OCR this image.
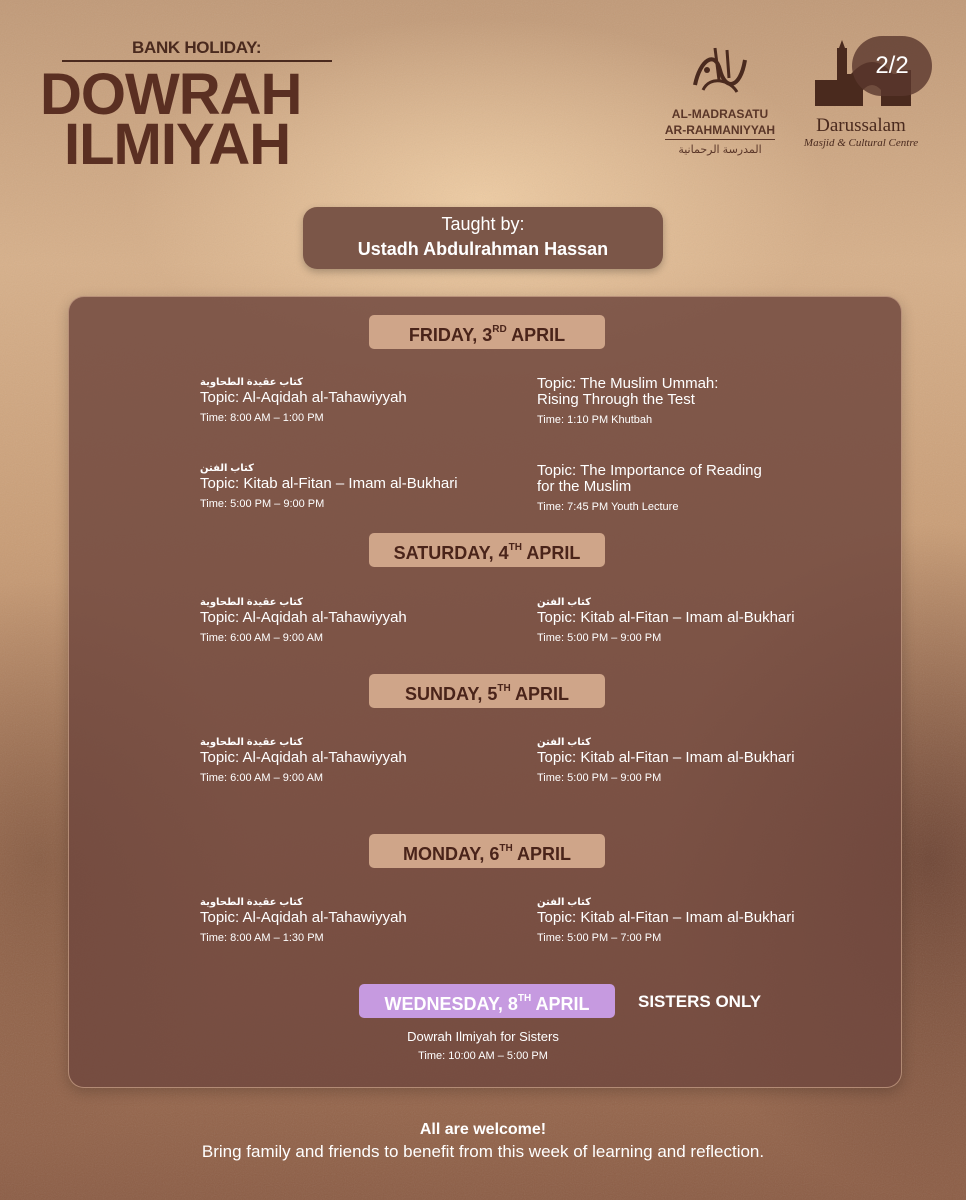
BANK HOLIDAY:
DOWRAH
ILMIYAH	AL-MADRASATU
AR-RAHMANIYYAH
المدرسة الرحمانية
Darussalam
Masjid & Cultural Centre
2/2
Taught by:
Ustadh Abdulrahman Hassan
FRIDAY, 3RD APRIL
كتاب عقيدة الطحاوية
Topic: Al-Aqidah al-Tahawiyyah
Time: 8:00 AM – 1:00 PM
Topic: The Muslim Ummah:
Rising Through the Test
Time: 1:10 PM Khutbah
كتاب الفتن
Topic: Kitab al-Fitan – Imam al-Bukhari
Time: 5:00 PM – 9:00 PM
Topic: The Importance of Reading
for the Muslim
Time: 7:45 PM Youth Lecture
SATURDAY, 4TH APRIL
كتاب عقيدة الطحاوية
Topic: Al-Aqidah al-Tahawiyyah
Time: 6:00 AM – 9:00 AM
كتاب الفتن
Topic: Kitab al-Fitan – Imam al-Bukhari
Time: 5:00 PM – 9:00 PM
SUNDAY, 5TH APRIL
كتاب عقيدة الطحاوية
Topic: Al-Aqidah al-Tahawiyyah
Time: 6:00 AM – 9:00 AM
كتاب الفتن
Topic: Kitab al-Fitan – Imam al-Bukhari
Time: 5:00 PM – 9:00 PM
MONDAY, 6TH APRIL
كتاب عقيدة الطحاوية
Topic: Al-Aqidah al-Tahawiyyah
Time: 8:00 AM – 1:30 PM
كتاب الفتن
Topic: Kitab al-Fitan – Imam al-Bukhari
Time: 5:00 PM – 7:00 PM
WEDNESDAY, 8TH APRIL	SISTERS ONLY
Dowrah Ilmiyah for Sisters
Time: 10:00 AM – 5:00 PM
All are welcome!
Bring family and friends to benefit from this week of learning and reflection.
